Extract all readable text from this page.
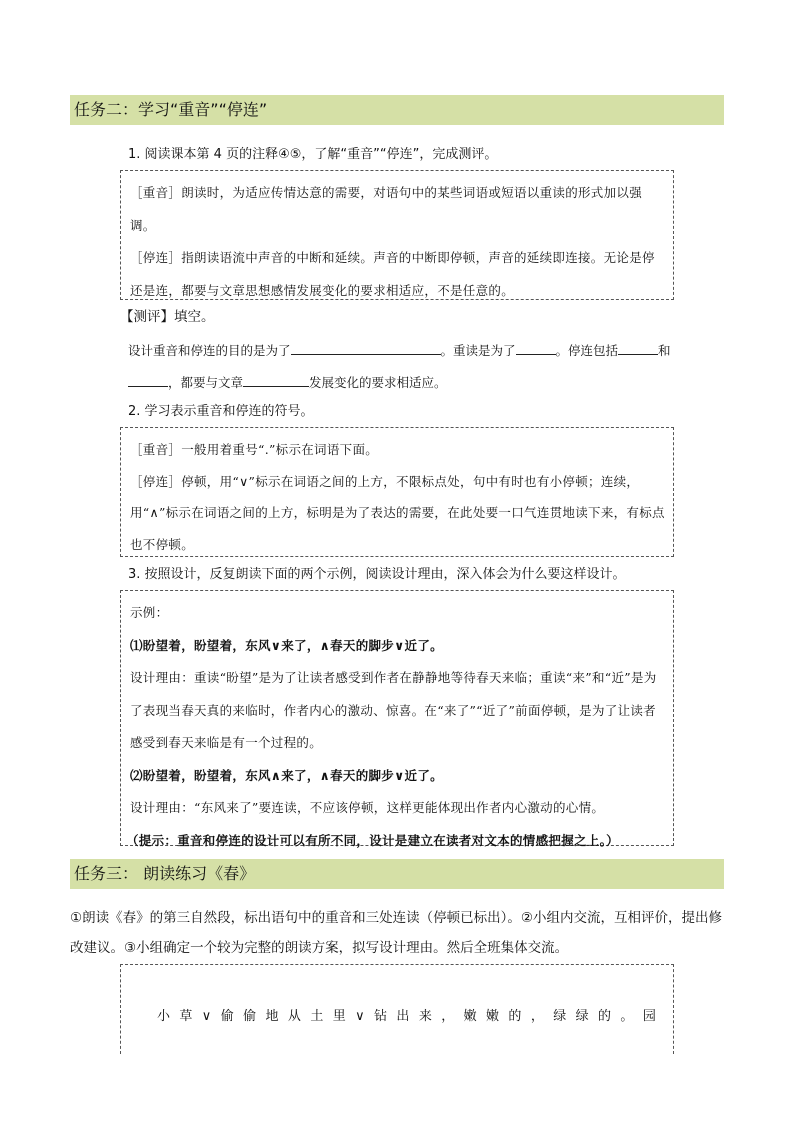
任务二：学习“重音”“停连”
1. 阅读课本第 4 页的注释④⑤，了解“重音”“停连”，完成测评。

［重音］朗读时，为适应传情达意的需要，对语句中的某些词语或短语以重读的形式加以强调。

［停连］指朗读语流中声音的中断和延续。声音的中断即停顿，声音的延续即连接。无论是停还是连，都要与文章思想感情发展变化的要求相适应，不是任意的。

【测评】填空。
设计重音和停连的目的是为了	。重读是为了	。停连包括	和
，都要与文章	发展变化的要求相适应。
2. 学习表示重音和停连的符号。

［重音］一般用着重号“.”标示在词语下面。

［停连］停顿，用“∨”标示在词语之间的上方，不限标点处，句中有时也有小停顿；连续，用“∧”标示在词语之间的上方，标明是为了表达的需要，在此处要一口气连贯地读下来，有标点也不停顿。

3. 按照设计，反复朗读下面的两个示例，阅读设计理由，深入体会为什么要这样设计。

示例：

⑴盼望着，盼望着，东风∨来了，∧春天的脚步∨近了。

设计理由：重读“盼望”是为了让读者感受到作者在静静地等待春天来临；重读“来”和“近”是为了表现当春天真的来临时，作者内心的激动、惊喜。在“来了”“近了”前面停顿，是为了让读者感受到春天来临是有一个过程的。

⑵盼望着，盼望着，东风∧来了，∧春天的脚步∨近了。

设计理由：“东风来了”要连读，不应该停顿，这样更能体现出作者内心激动的心情。

（提示：重音和停连的设计可以有所不同，设计是建立在读者对文本的情感把握之上。）

任务三： 朗读练习《春》

①朗读《春》的第三自然段，标出语句中的重音和三处连读（停顿已标出）。②小组内交流，互相评价，提出修改建议。③小组确定一个较为完整的朗读方案，拟写设计理由。然后全班集体交流。

小草∨偷偷地从土里∨钻出来，嫩嫩的，绿绿的。园
